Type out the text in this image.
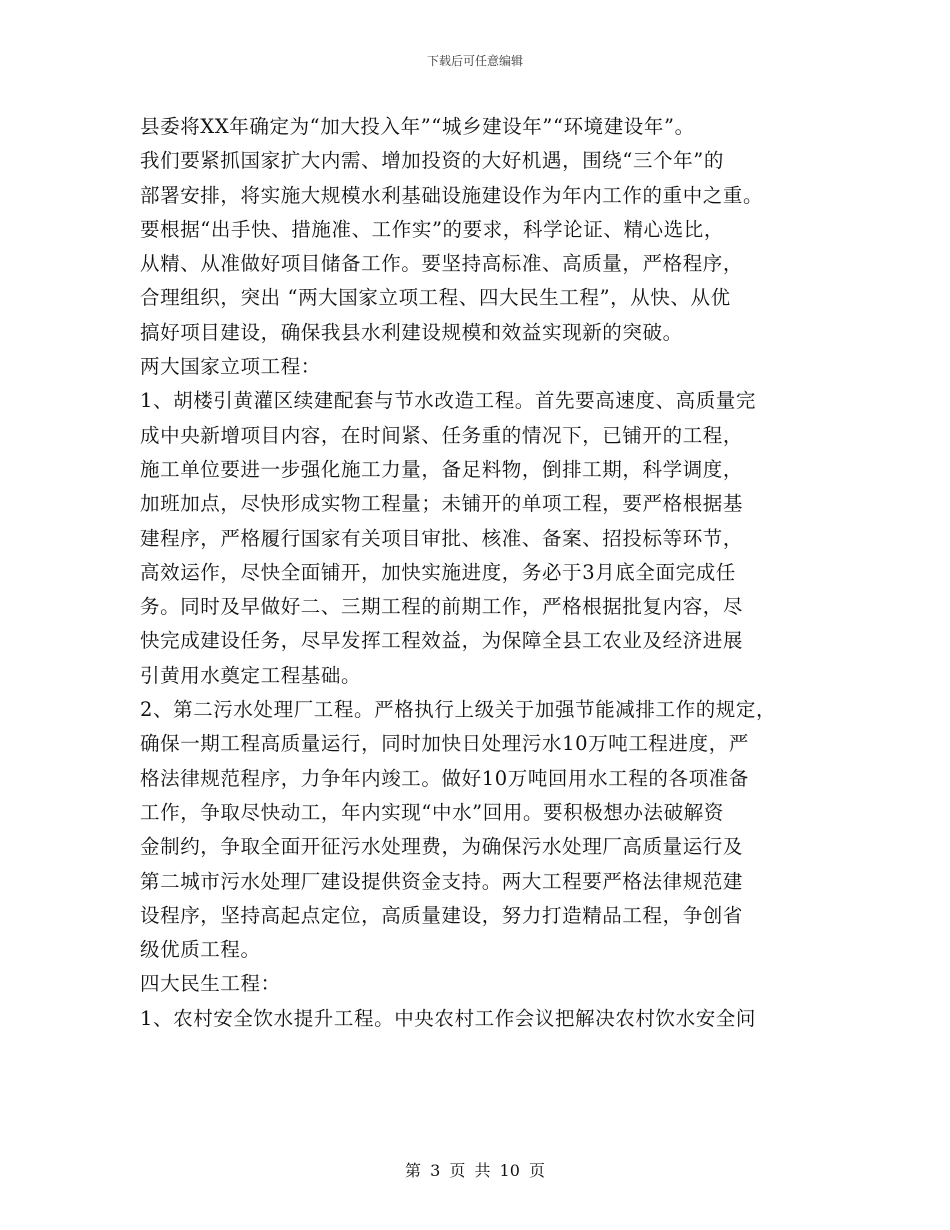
下载后可任意编辑
县委将XX年确定为“加大投入年”“城乡建设年”“环境建设年”。
我们要紧抓国家扩大内需、增加投资的大好机遇，围绕“三个年”的
部署安排，将实施大规模水利基础设施建设作为年内工作的重中之重。
要根据“出手快、措施准、工作实”的要求，科学论证、精心选比，
从精、从准做好项目储备工作。要坚持高标准、高质量，严格程序，
合理组织，突出 “两大国家立项工程、四大民生工程”，从快、从优
搞好项目建设，确保我县水利建设规模和效益实现新的突破。
两大国家立项工程：
1、胡楼引黄灌区续建配套与节水改造工程。首先要高速度、高质量完
成中央新增项目内容，在时间紧、任务重的情况下，已铺开的工程，
施工单位要进一步强化施工力量，备足料物，倒排工期，科学调度，
加班加点，尽快形成实物工程量；未铺开的单项工程，要严格根据基
建程序，严格履行国家有关项目审批、核准、备案、招投标等环节，
高效运作，尽快全面铺开，加快实施进度，务必于3月底全面完成任
务。同时及早做好二、三期工程的前期工作，严格根据批复内容，尽
快完成建设任务，尽早发挥工程效益，为保障全县工农业及经济进展
引黄用水奠定工程基础。
2、第二污水处理厂工程。严格执行上级关于加强节能减排工作的规定，
确保一期工程高质量运行，同时加快日处理污水10万吨工程进度，严
格法律规范程序，力争年内竣工。做好10万吨回用水工程的各项准备
工作，争取尽快动工，年内实现“中水”回用。要积极想办法破解资
金制约，争取全面开征污水处理费，为确保污水处理厂高质量运行及
第二城市污水处理厂建设提供资金支持。两大工程要严格法律规范建
设程序，坚持高起点定位，高质量建设，努力打造精品工程，争创省
级优质工程。
四大民生工程：
1、农村安全饮水提升工程。中央农村工作会议把解决农村饮水安全问
第 3 页 共 10 页
